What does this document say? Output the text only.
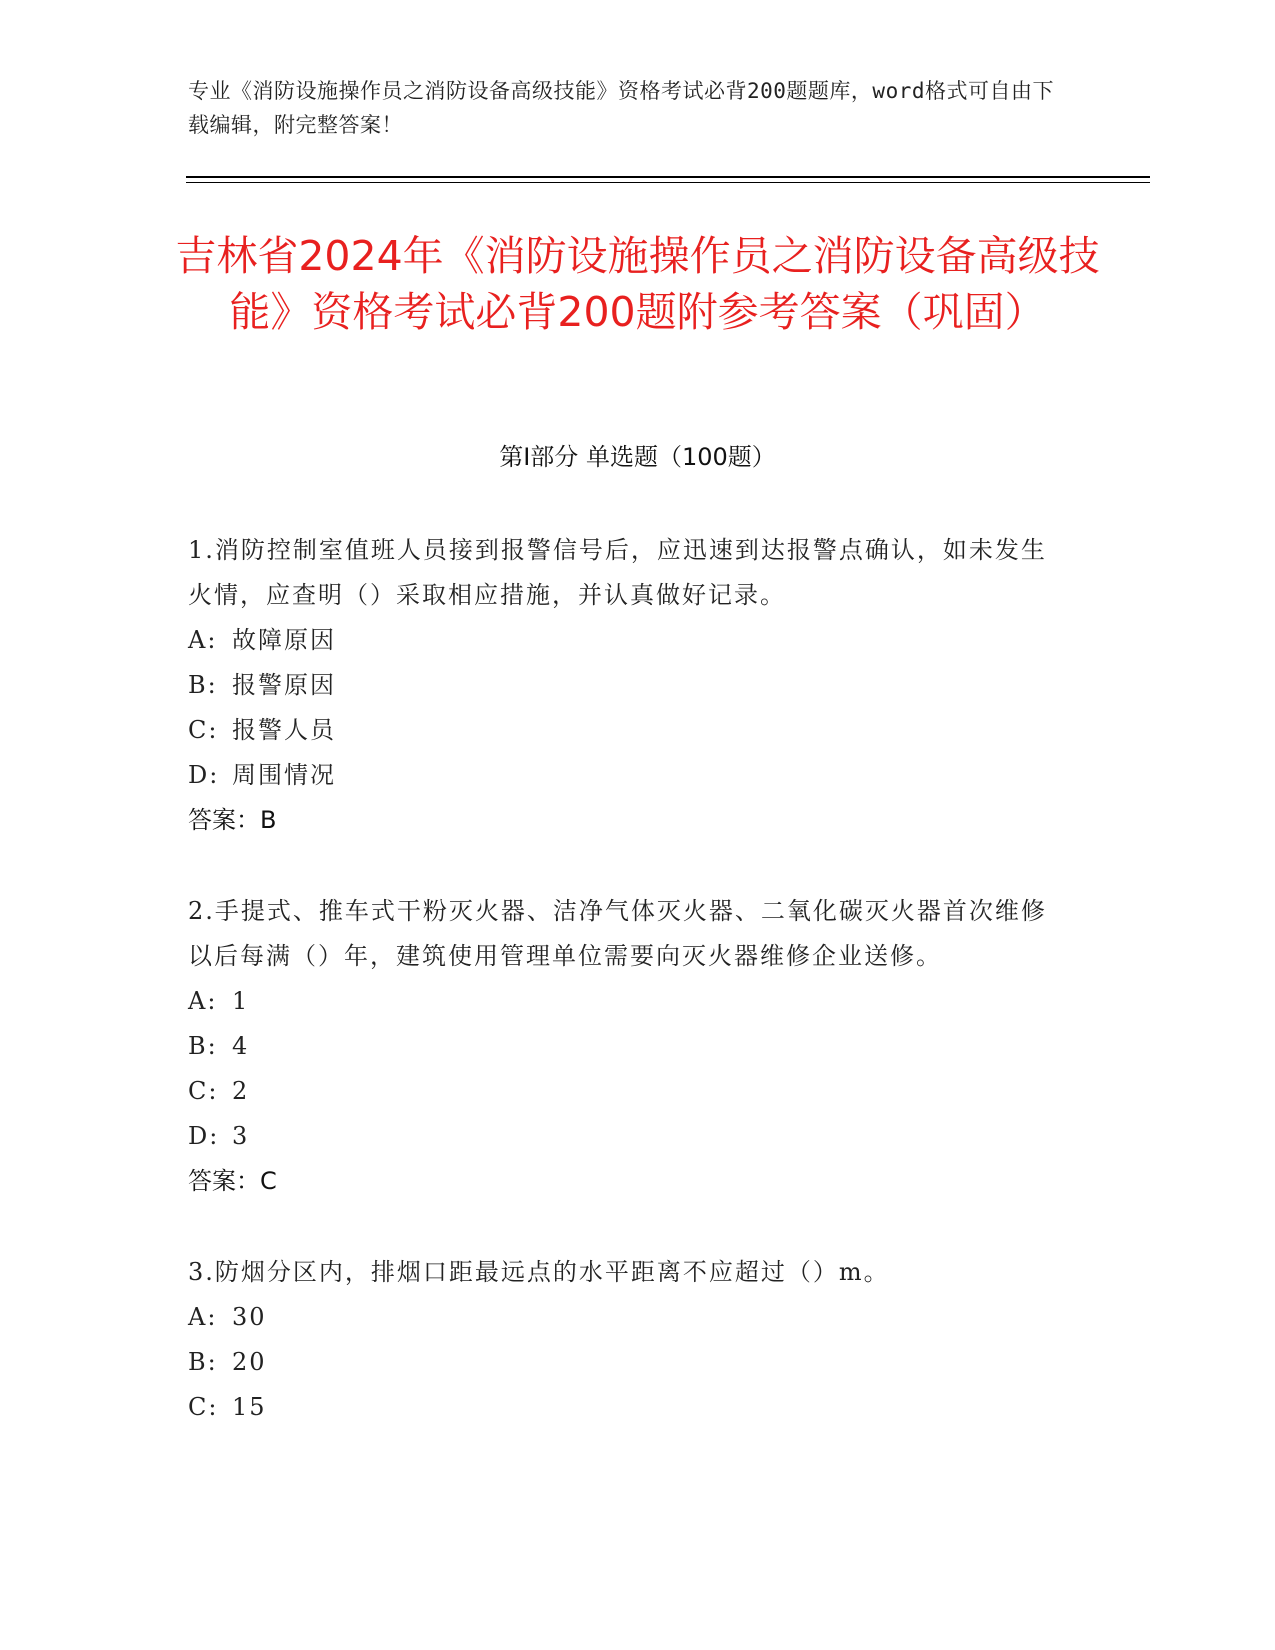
专业《消防设施操作员之消防设备高级技能》资格考试必背200题题库，word格式可自由下载编辑，附完整答案！
吉林省2024年《消防设施操作员之消防设备高级技能》资格考试必背200题附参考答案（巩固）
第I部分 单选题（100题）
1.消防控制室值班人员接到报警信号后，应迅速到达报警点确认，如未发生火情，应查明（）采取相应措施，并认真做好记录。
A: 故障原因
B: 报警原因
C: 报警人员
D: 周围情况
答案：B
2.手提式、推车式干粉灭火器、洁净气体灭火器、二氧化碳灭火器首次维修以后每满（）年，建筑使用管理单位需要向灭火器维修企业送修。
A: 1
B: 4
C: 2
D: 3
答案：C
3.防烟分区内，排烟口距最远点的水平距离不应超过（）m。
A: 30
B: 20
C: 15
